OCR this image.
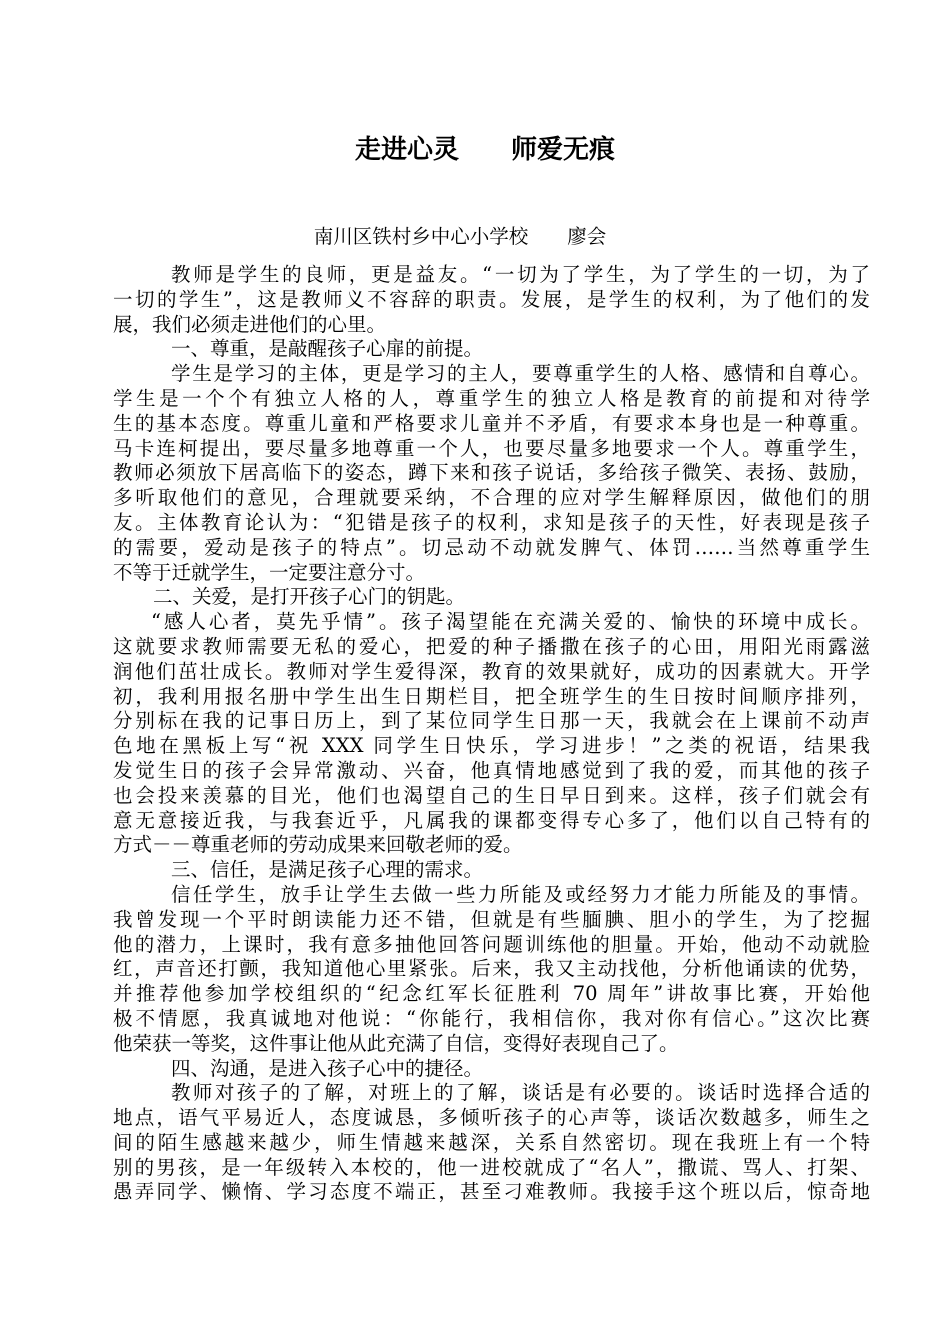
走进心灵　　师爱无痕
南川区铁村乡中心小学校　　廖会
教师是学生的良师，更是益友。“一切为了学生，为了学生的一切，为了
一切的学生”，这是教师义不容辞的职责。发展，是学生的权利，为了他们的发
展，我们必须走进他们的心里。
一、尊重，是敲醒孩子心扉的前提。
学生是学习的主体，更是学习的主人，要尊重学生的人格、感情和自尊心。
学生是一个个有独立人格的人，尊重学生的独立人格是教育的前提和对待学
生的基本态度。尊重儿童和严格要求儿童并不矛盾，有要求本身也是一种尊重。
马卡连柯提出，要尽量多地尊重一个人，也要尽量多地要求一个人。尊重学生，
教师必须放下居高临下的姿态，蹲下来和孩子说话，多给孩子微笑、表扬、鼓励，
多听取他们的意见，合理就要采纳，不合理的应对学生解释原因，做他们的朋
友。主体教育论认为：“犯错是孩子的权利，求知是孩子的天性，好表现是孩子
的需要，爱动是孩子的特点”。切忌动不动就发脾气、体罚……当然尊重学生
不等于迁就学生，一定要注意分寸。
二、关爱，是打开孩子心门的钥匙。
“感人心者，莫先乎情”。孩子渴望能在充满关爱的、愉快的环境中成长。
这就要求教师需要无私的爱心，把爱的种子播撒在孩子的心田，用阳光雨露滋
润他们茁壮成长。教师对学生爱得深，教育的效果就好，成功的因素就大。开学
初，我利用报名册中学生出生日期栏目，把全班学生的生日按时间顺序排列，
分别标在我的记事日历上，到了某位同学生日那一天，我就会在上课前不动声
色地在黑板上写“祝 XXX 同学生日快乐，学习进步！”之类的祝语，结果我
发觉生日的孩子会异常激动、兴奋，他真情地感觉到了我的爱，而其他的孩子
也会投来羡慕的目光，他们也渴望自己的生日早日到来。这样，孩子们就会有
意无意接近我，与我套近乎，凡属我的课都变得专心多了，他们以自己特有的
方式－－尊重老师的劳动成果来回敬老师的爱。
三、信任，是满足孩子心理的需求。
信任学生，放手让学生去做一些力所能及或经努力才能力所能及的事情。
我曾发现一个平时朗读能力还不错，但就是有些腼腆、胆小的学生，为了挖掘
他的潜力，上课时，我有意多抽他回答问题训练他的胆量。开始，他动不动就脸
红，声音还打颤，我知道他心里紧张。后来，我又主动找他，分析他诵读的优势，
并推荐他参加学校组织的“纪念红军长征胜利 70 周年”讲故事比赛，开始他
极不情愿，我真诚地对他说：“你能行，我相信你，我对你有信心。”这次比赛
他荣获一等奖，这件事让他从此充满了自信，变得好表现自己了。
四、沟通，是进入孩子心中的捷径。
教师对孩子的了解，对班上的了解，谈话是有必要的。谈话时选择合适的
地点，语气平易近人，态度诚恳，多倾听孩子的心声等，谈话次数越多，师生之
间的陌生感越来越少，师生情越来越深，关系自然密切。现在我班上有一个特
别的男孩，是一年级转入本校的，他一进校就成了“名人”，撒谎、骂人、打架、
愚弄同学、懒惰、学习态度不端正，甚至刁难教师。我接手这个班以后，惊奇地
